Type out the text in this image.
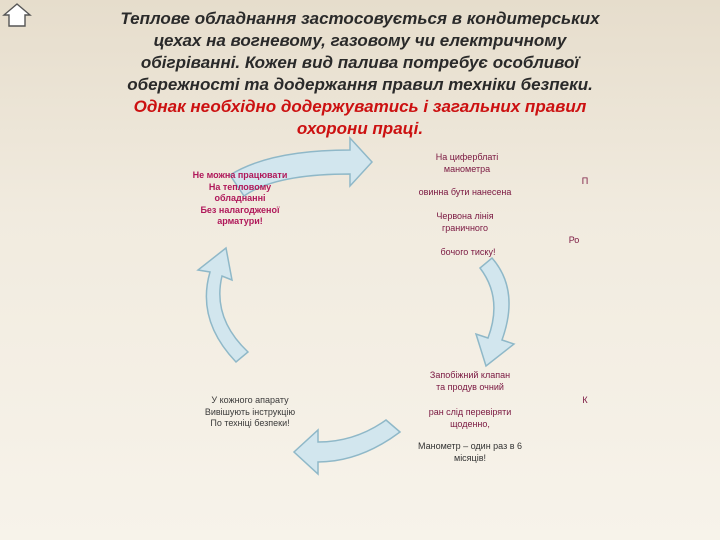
Теплове обладнання застосовується в кондитерських цехах на вогневому, газовому чи електричному обігріванні. Кожен вид палива потребує особливої обережності та додержання правил техніки безпеки. Однак необхідно додержуватись і загальних правил охорони праці.

Не можна працювати
На тепловому
обладнанні
Без налагодженої
арматури!
На циферблаті
манометра
П
овинна бути нанесена
Червона лінія
граничного
Ро
бочого тиску!
У кожного апарату
Вивішують інструкцію
По техніці безпеки!
Запобіжний клапан
та продув очний
К
ран слід перевіряти
щоденно,
Манометр – один раз в 6
місяців!
